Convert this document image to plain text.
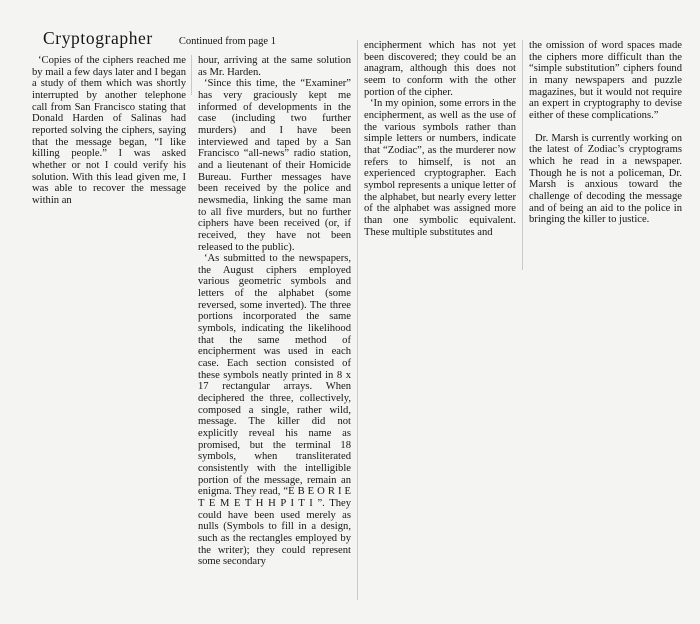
Cryptographer Continued from page 1

‘Copies of the ciphers reached me by mail a few days later and I began a study of them which was shortly interrupted by another telephone call from San Francisco stating that Donald Harden of Salinas had reported solving the ciphers, saying that the message began, “I like killing people.” I was asked whether or not I could verify his solution. With this lead given me, I was able to recover the message within an

hour, arriving at the same solution as Mr. Harden.

‘Since this time, the “Examiner” has very graciously kept me informed of developments in the case (including two further murders) and I have been interviewed and taped by a San Francisco “all-news” radio station, and a lieutenant of their Homicide Bureau. Further messages have been received by the police and newsmedia, linking the same man to all five murders, but no further ciphers have been received (or, if received, they have not been released to the public).

‘As submitted to the newspapers, the August ciphers employed various geometric symbols and letters of the alphabet (some reversed, some inverted). The three portions incorporated the same symbols, indicating the likelihood that the same method of encipherment was used in each case. Each section consisted of these symbols neatly printed in 8 x 17 rectangular arrays. When deciphered the three, collectively, composed a single, rather wild, message. The killer did not explicitly reveal his name as promised, but the terminal 18 symbols, when transliterated consistently with the intelligible portion of the message, remain an enigma. They read, “E B E O R I E T E M E T H H P I T I ”. They could have been used merely as nulls (Symbols to fill in a design, such as the rectangles employed by the writer); they could represent some secondary

encipherment which has not yet been discovered; they could be an anagram, although this does not seem to conform with the other portion of the cipher.

‘In my opinion, some errors in the encipherment, as well as the use of the various symbols rather than simple letters or numbers, indicate that “Zodiac”, as the murderer now refers to himself, is not an experienced cryptographer. Each symbol represents a unique letter of the alphabet, but nearly every letter of the alphabet was assigned more than one symbolic equivalent. These multiple substitutes and

the omission of word spaces made the ciphers more difficult than the “simple substitution” ciphers found in many newspapers and puzzle magazines, but it would not require an expert in cryptography to devise either of these complications.”

Dr. Marsh is currently working on the latest of Zodiac’s cryptograms which he read in a newspaper. Though he is not a policeman, Dr. Marsh is anxious toward the challenge of decoding the message and of being an aid to the police in bringing the killer to justice.
